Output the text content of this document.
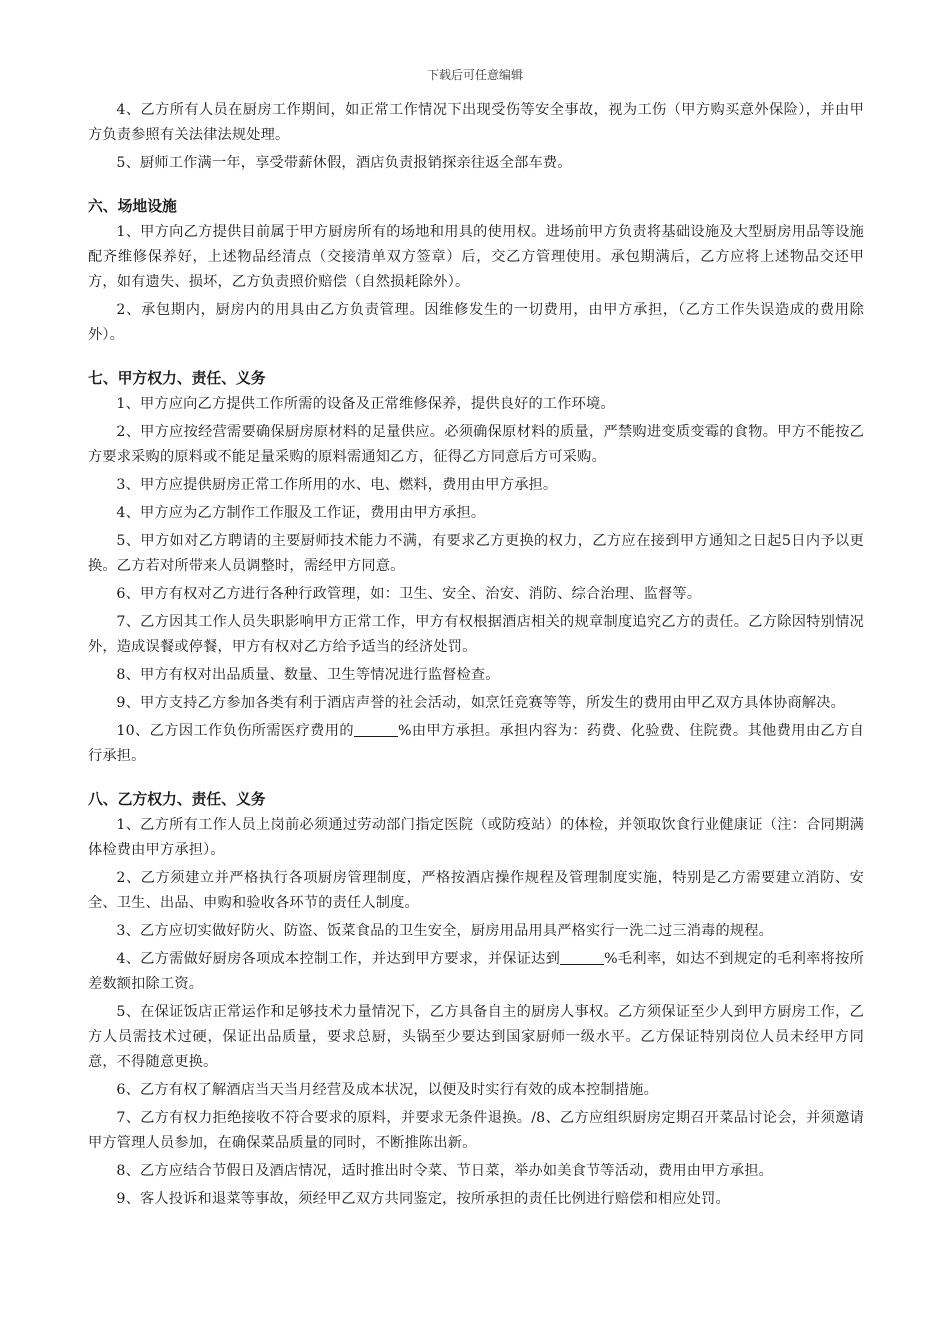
下载后可任意编辑

4、乙方所有人员在厨房工作期间，如正常工作情况下出现受伤等安全事故，视为工伤（甲方购买意外保险），并由甲方负责参照有关法律法规处理。

5、厨师工作满一年，享受带薪休假，酒店负责报销探亲往返全部车费。

六、场地设施

1、甲方向乙方提供目前属于甲方厨房所有的场地和用具的使用权。进场前甲方负责将基础设施及大型厨房用品等设施配齐维修保养好，上述物品经清点（交接清单双方签章）后，交乙方管理使用。承包期满后，乙方应将上述物品交还甲方，如有遗失、损坏，乙方负责照价赔偿（自然损耗除外）。

2、承包期内，厨房内的用具由乙方负责管理。因维修发生的一切费用，由甲方承担，（乙方工作失误造成的费用除外）。

七、甲方权力、责任、义务

1、甲方应向乙方提供工作所需的设备及正常维修保养，提供良好的工作环境。

2、甲方应按经营需要确保厨房原材料的足量供应。必须确保原材料的质量，严禁购进变质变霉的食物。甲方不能按乙方要求采购的原料或不能足量采购的原料需通知乙方，征得乙方同意后方可采购。

3、甲方应提供厨房正常工作所用的水、电、燃料，费用由甲方承担。

4、甲方应为乙方制作工作服及工作证，费用由甲方承担。

5、甲方如对乙方聘请的主要厨师技术能力不满，有要求乙方更换的权力，乙方应在接到甲方通知之日起5日内予以更换。乙方若对所带来人员调整时，需经甲方同意。

6、甲方有权对乙方进行各种行政管理，如：卫生、安全、治安、消防、综合治理、监督等。

7、乙方因其工作人员失职影响甲方正常工作，甲方有权根据酒店相关的规章制度追究乙方的责任。乙方除因特别情况外，造成误餐或停餐，甲方有权对乙方给予适当的经济处罚。

8、甲方有权对出品质量、数量、卫生等情况进行监督检查。

9、甲方支持乙方参加各类有利于酒店声誉的社会活动，如烹饪竞赛等等，所发生的费用由甲乙双方具体协商解决。

10、乙方因工作负伤所需医疗费用的	%由甲方承担。承担内容为：药费、化验费、住院费。其他费用由乙方自行承担。

八、乙方权力、责任、义务

1、乙方所有工作人员上岗前必须通过劳动部门指定医院（或防疫站）的体检，并领取饮食行业健康证（注：合同期满体检费由甲方承担）。

2、乙方须建立并严格执行各项厨房管理制度，严格按酒店操作规程及管理制度实施，特别是乙方需要建立消防、安全、卫生、出品、申购和验收各环节的责任人制度。

3、乙方应切实做好防火、防盗、饭菜食品的卫生安全，厨房用品用具严格实行一洗二过三消毒的规程。

4、乙方需做好厨房各项成本控制工作，并达到甲方要求，并保证达到	%毛利率，如达不到规定的毛利率将按所差数额扣除工资。

5、在保证饭店正常运作和足够技术力量情况下，乙方具备自主的厨房人事权。乙方须保证至少人到甲方厨房工作，乙方人员需技术过硬，保证出品质量，要求总厨，头锅至少要达到国家厨师一级水平。乙方保证特别岗位人员未经甲方同意，不得随意更换。

6、乙方有权了解酒店当天当月经营及成本状况，以便及时实行有效的成本控制措施。

7、乙方有权力拒绝接收不符合要求的原料，并要求无条件退换。/8、乙方应组织厨房定期召开菜品讨论会，并须邀请甲方管理人员参加，在确保菜品质量的同时，不断推陈出新。

8、乙方应结合节假日及酒店情况，适时推出时令菜、节日菜，举办如美食节等活动，费用由甲方承担。

9、客人投诉和退菜等事故，须经甲乙双方共同鉴定，按所承担的责任比例进行赔偿和相应处罚。
